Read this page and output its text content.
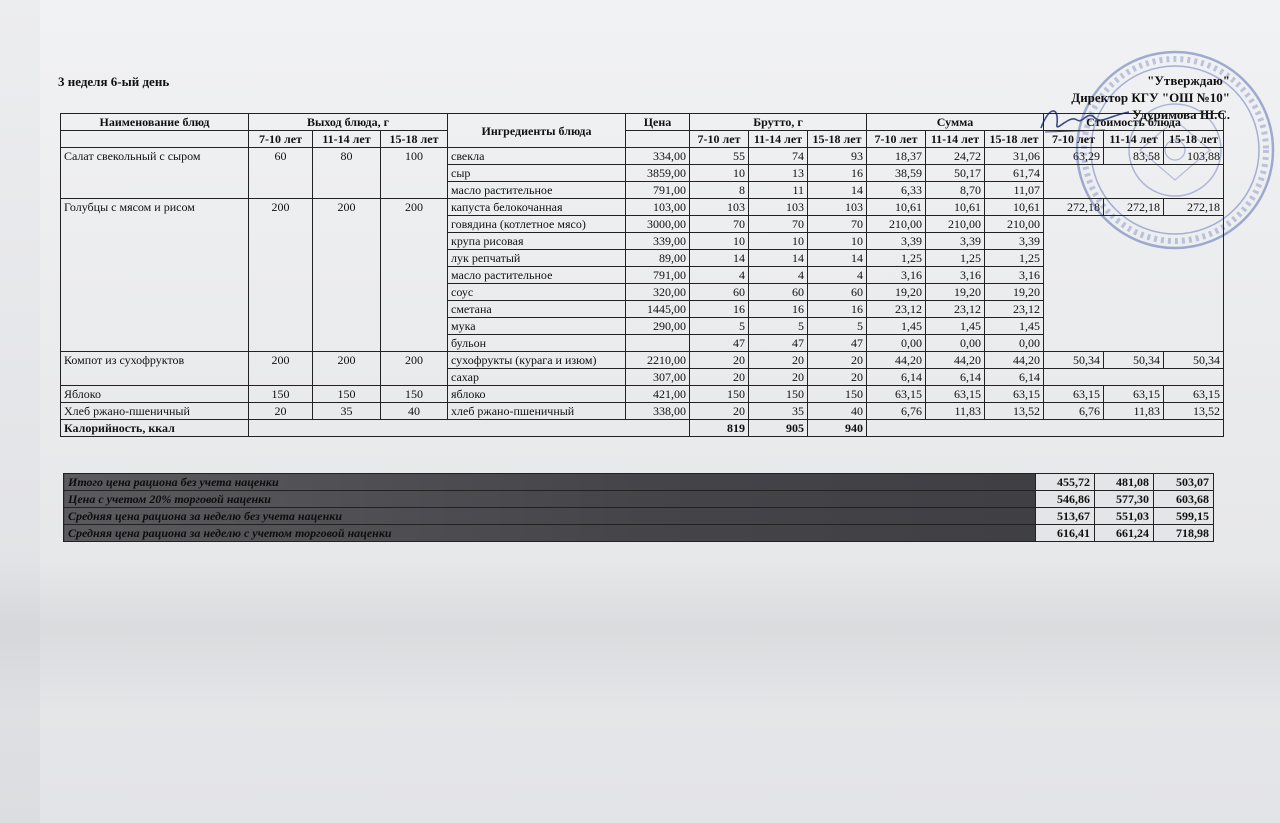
3 неделя 6-ый день	"Утверждаю"
Директор КГУ "ОШ №10"
Удуримова Ш.С.
Наименование блюд	Выход блюда, г			Ингредиенты блюда	Цена	Брутто, г			Сумма			Стоимость блюда		
	7-10 лет	11-14 лет	15-18 лет											
						7-10 лет	11-14 лет	15-18 лет	7-10 лет	11-14 лет	15-18 лет	7-10 лет	11-14 лет	15-18 лет
Салат свекольный с сыром	60	80	100	свекла	334,00	55	74	93	18,37	24,72	31,06	63,29	83,58	103,88
				сыр	3859,00	10	13	16	38,59	50,17	61,74			
				масло растительное	791,00	8	11	14	6,33	8,70	11,07			
Голубцы с мясом и рисом	200	200	200	капуста белокочанная	103,00	103	103	103	10,61	10,61	10,61	272,18	272,18	272,18
				говядина (котлетное мясо)	3000,00	70	70	70	210,00	210,00	210,00			
				крупа рисовая	339,00	10	10	10	3,39	3,39	3,39			
				лук репчатый	89,00	14	14	14	1,25	1,25	1,25			
				масло растительное	791,00	4	4	4	3,16	3,16	3,16			
				соус	320,00	60	60	60	19,20	19,20	19,20			
				сметана	1445,00	16	16	16	23,12	23,12	23,12			
				мука	290,00	5	5	5	1,45	1,45	1,45			
				бульон		47	47	47	0,00	0,00	0,00			
Компот из сухофруктов	200	200	200	сухофрукты (курага и изюм)	2210,00	20	20	20	44,20	44,20	44,20	50,34	50,34	50,34
				сахар	307,00	20	20	20	6,14	6,14	6,14			
Яблоко	150	150	150	яблоко	421,00	150	150	150	63,15	63,15	63,15	63,15	63,15	63,15
Хлеб ржано-пшеничный	20	35	40	хлеб ржано-пшеничный	338,00	20	35	40	6,76	11,83	13,52	6,76	11,83	13,52
Калорийность, ккал						819	905	940						
Итого цена рациона без учета наценки	455,72	481,08	503,07
Цена с учетом 20% торговой наценки	546,86	577,30	603,68
Средняя цена рациона за неделю без учета наценки	513,67	551,03	599,15
Средняя цена рациона за неделю с учетом торговой наценки	616,41	661,24	718,98
